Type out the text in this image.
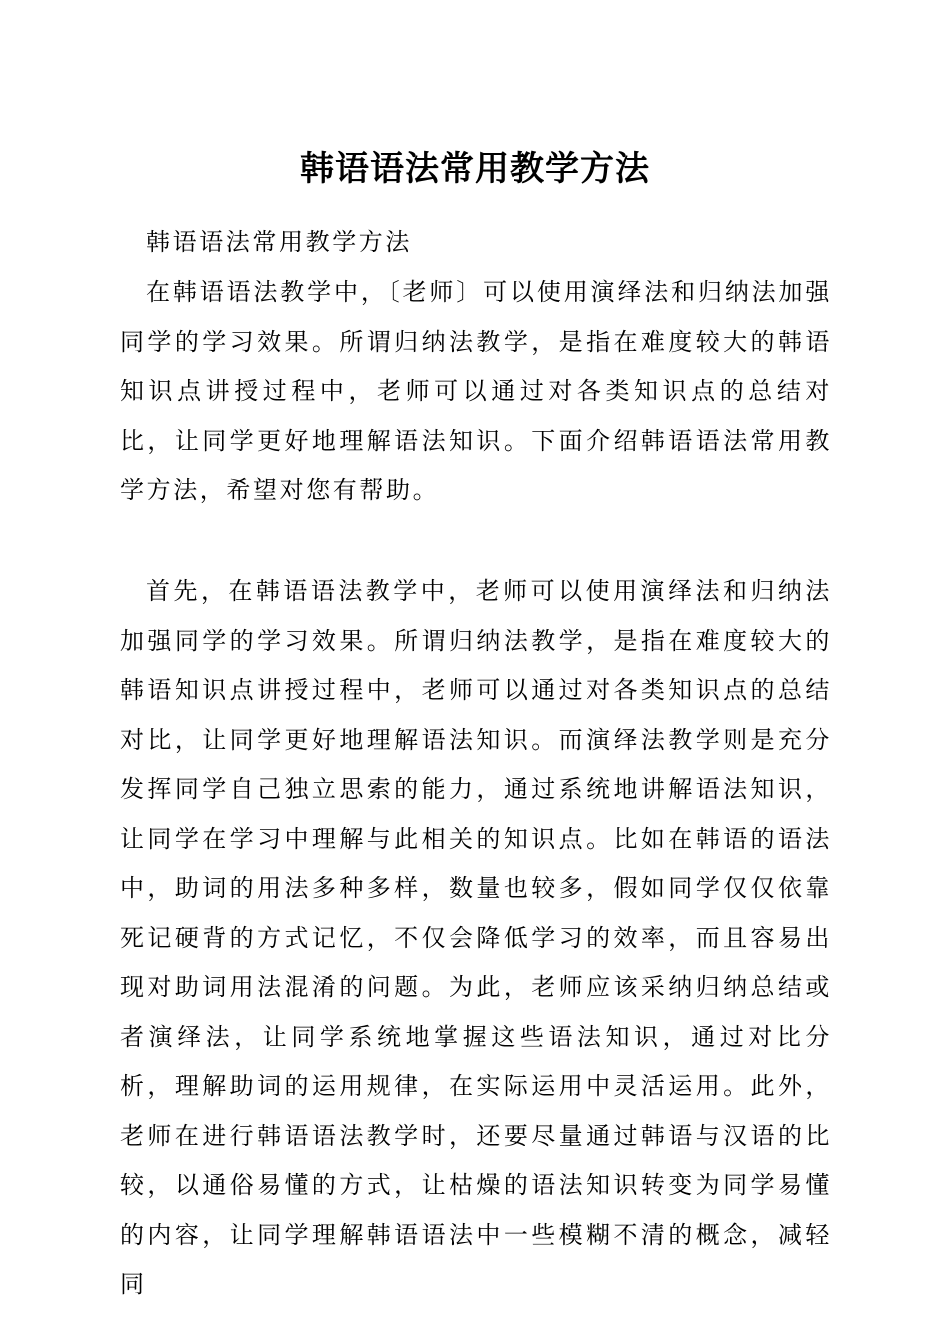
韩语语法常用教学方法

韩语语法常用教学方法

在韩语语法教学中，〔老师〕可以使用演绎法和归纳法加强同学的学习效果。所谓归纳法教学，是指在难度较大的韩语知识点讲授过程中，老师可以通过对各类知识点的总结对比，让同学更好地理解语法知识。下面介绍韩语语法常用教学方法，希望对您有帮助。

首先，在韩语语法教学中，老师可以使用演绎法和归纳法加强同学的学习效果。所谓归纳法教学，是指在难度较大的韩语知识点讲授过程中，老师可以通过对各类知识点的总结对比，让同学更好地理解语法知识。而演绎法教学则是充分发挥同学自己独立思索的能力，通过系统地讲解语法知识，让同学在学习中理解与此相关的知识点。比如在韩语的语法中，助词的用法多种多样，数量也较多，假如同学仅仅依靠死记硬背的方式记忆，不仅会降低学习的效率，而且容易出现对助词用法混淆的问题。为此，老师应该采纳归纳总结或者演绎法，让同学系统地掌握这些语法知识，通过对比分析，理解助词的运用规律，在实际运用中灵活运用。此外，老师在进行韩语语法教学时，还要尽量通过韩语与汉语的比较，以通俗易懂的方式，让枯燥的语法知识转变为同学易懂的内容，让同学理解韩语语法中一些模糊不清的概念，减轻同
